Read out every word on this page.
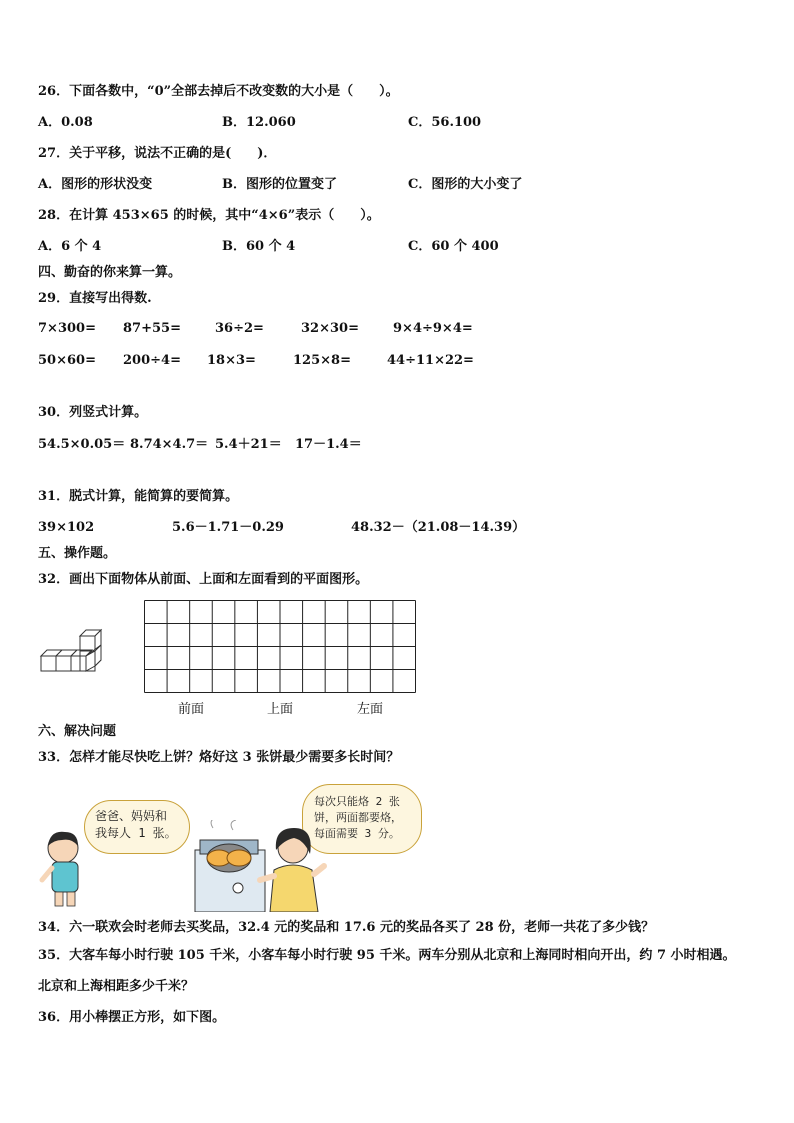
26．下面各数中，“0”全部去掉后不改变数的大小是（　　）。
A．0.08	B．12.060	C．56.100
27．关于平移，说法不正确的是(　　)．
A．图形的形状没变	B．图形的位置变了	C．图形的大小变了
28．在计算 453×65 的时候，其中“4×6”表示（　　）。
A．6 个 4	B．60 个 4	C．60 个 400
四、勤奋的你来算一算。
29．直接写出得数.
7×300= 87+55=	36÷2=	32×30=	9×4÷9×4=
50×60= 200÷4= 18×3=	125×8=	44÷11×22=
30．列竖式计算。
54.5×0.05＝ 8.74×4.7＝ 5.4＋21＝ 17－1.4＝
31．脱式计算，能简算的要简算。
39×102	5.6－1.71－0.29	48.32－（21.08－14.39）
五、操作题。
32．画出下面物体从前面、上面和左面看到的平面图形。
前面	上面	左面
六、解决问题
33．怎样才能尽快吃上饼？烙好这 3 张饼最少需要多长时间？
爸爸、妈妈和
我每人 1 张。
每次只能烙 2 张
饼，两面都要烙，
每面需要 3 分。
34．六一联欢会时老师去买奖品，32.4 元的奖品和 17.6 元的奖品各买了 28 份，老师一共花了多少钱？
35．大客车每小时行驶 105 千米，小客车每小时行驶 95 千米。两车分别从北京和上海同时相向开出，约 7 小时相遇。
北京和上海相距多少千米？
36．用小棒摆正方形，如下图。
